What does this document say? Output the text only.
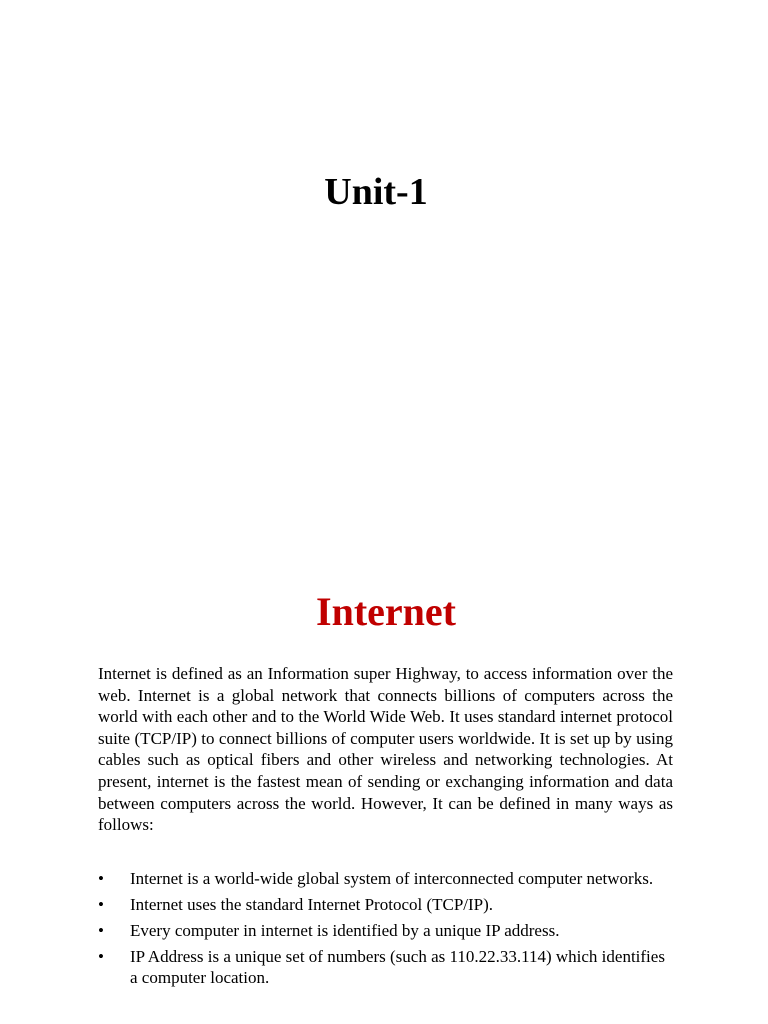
Unit-1
Internet

Internet is defined as an Information super Highway, to access information over the web. Internet is a global network that connects billions of computers across the world with each other and to the World Wide Web. It uses standard internet protocol suite (TCP/IP) to connect billions of computer users worldwide. It is set up by using cables such as optical fibers and other wireless and networking technologies. At present, internet is the fastest mean of sending or exchanging information and data between computers across the world. However, It can be defined in many ways as follows:

•	Internet is a world-wide global system of interconnected computer networks.
•	Internet uses the standard Internet Protocol (TCP/IP).
•	Every computer in internet is identified by a unique IP address.
•	IP Address is a unique set of numbers (such as 110.22.33.114) which identifies a computer location.
